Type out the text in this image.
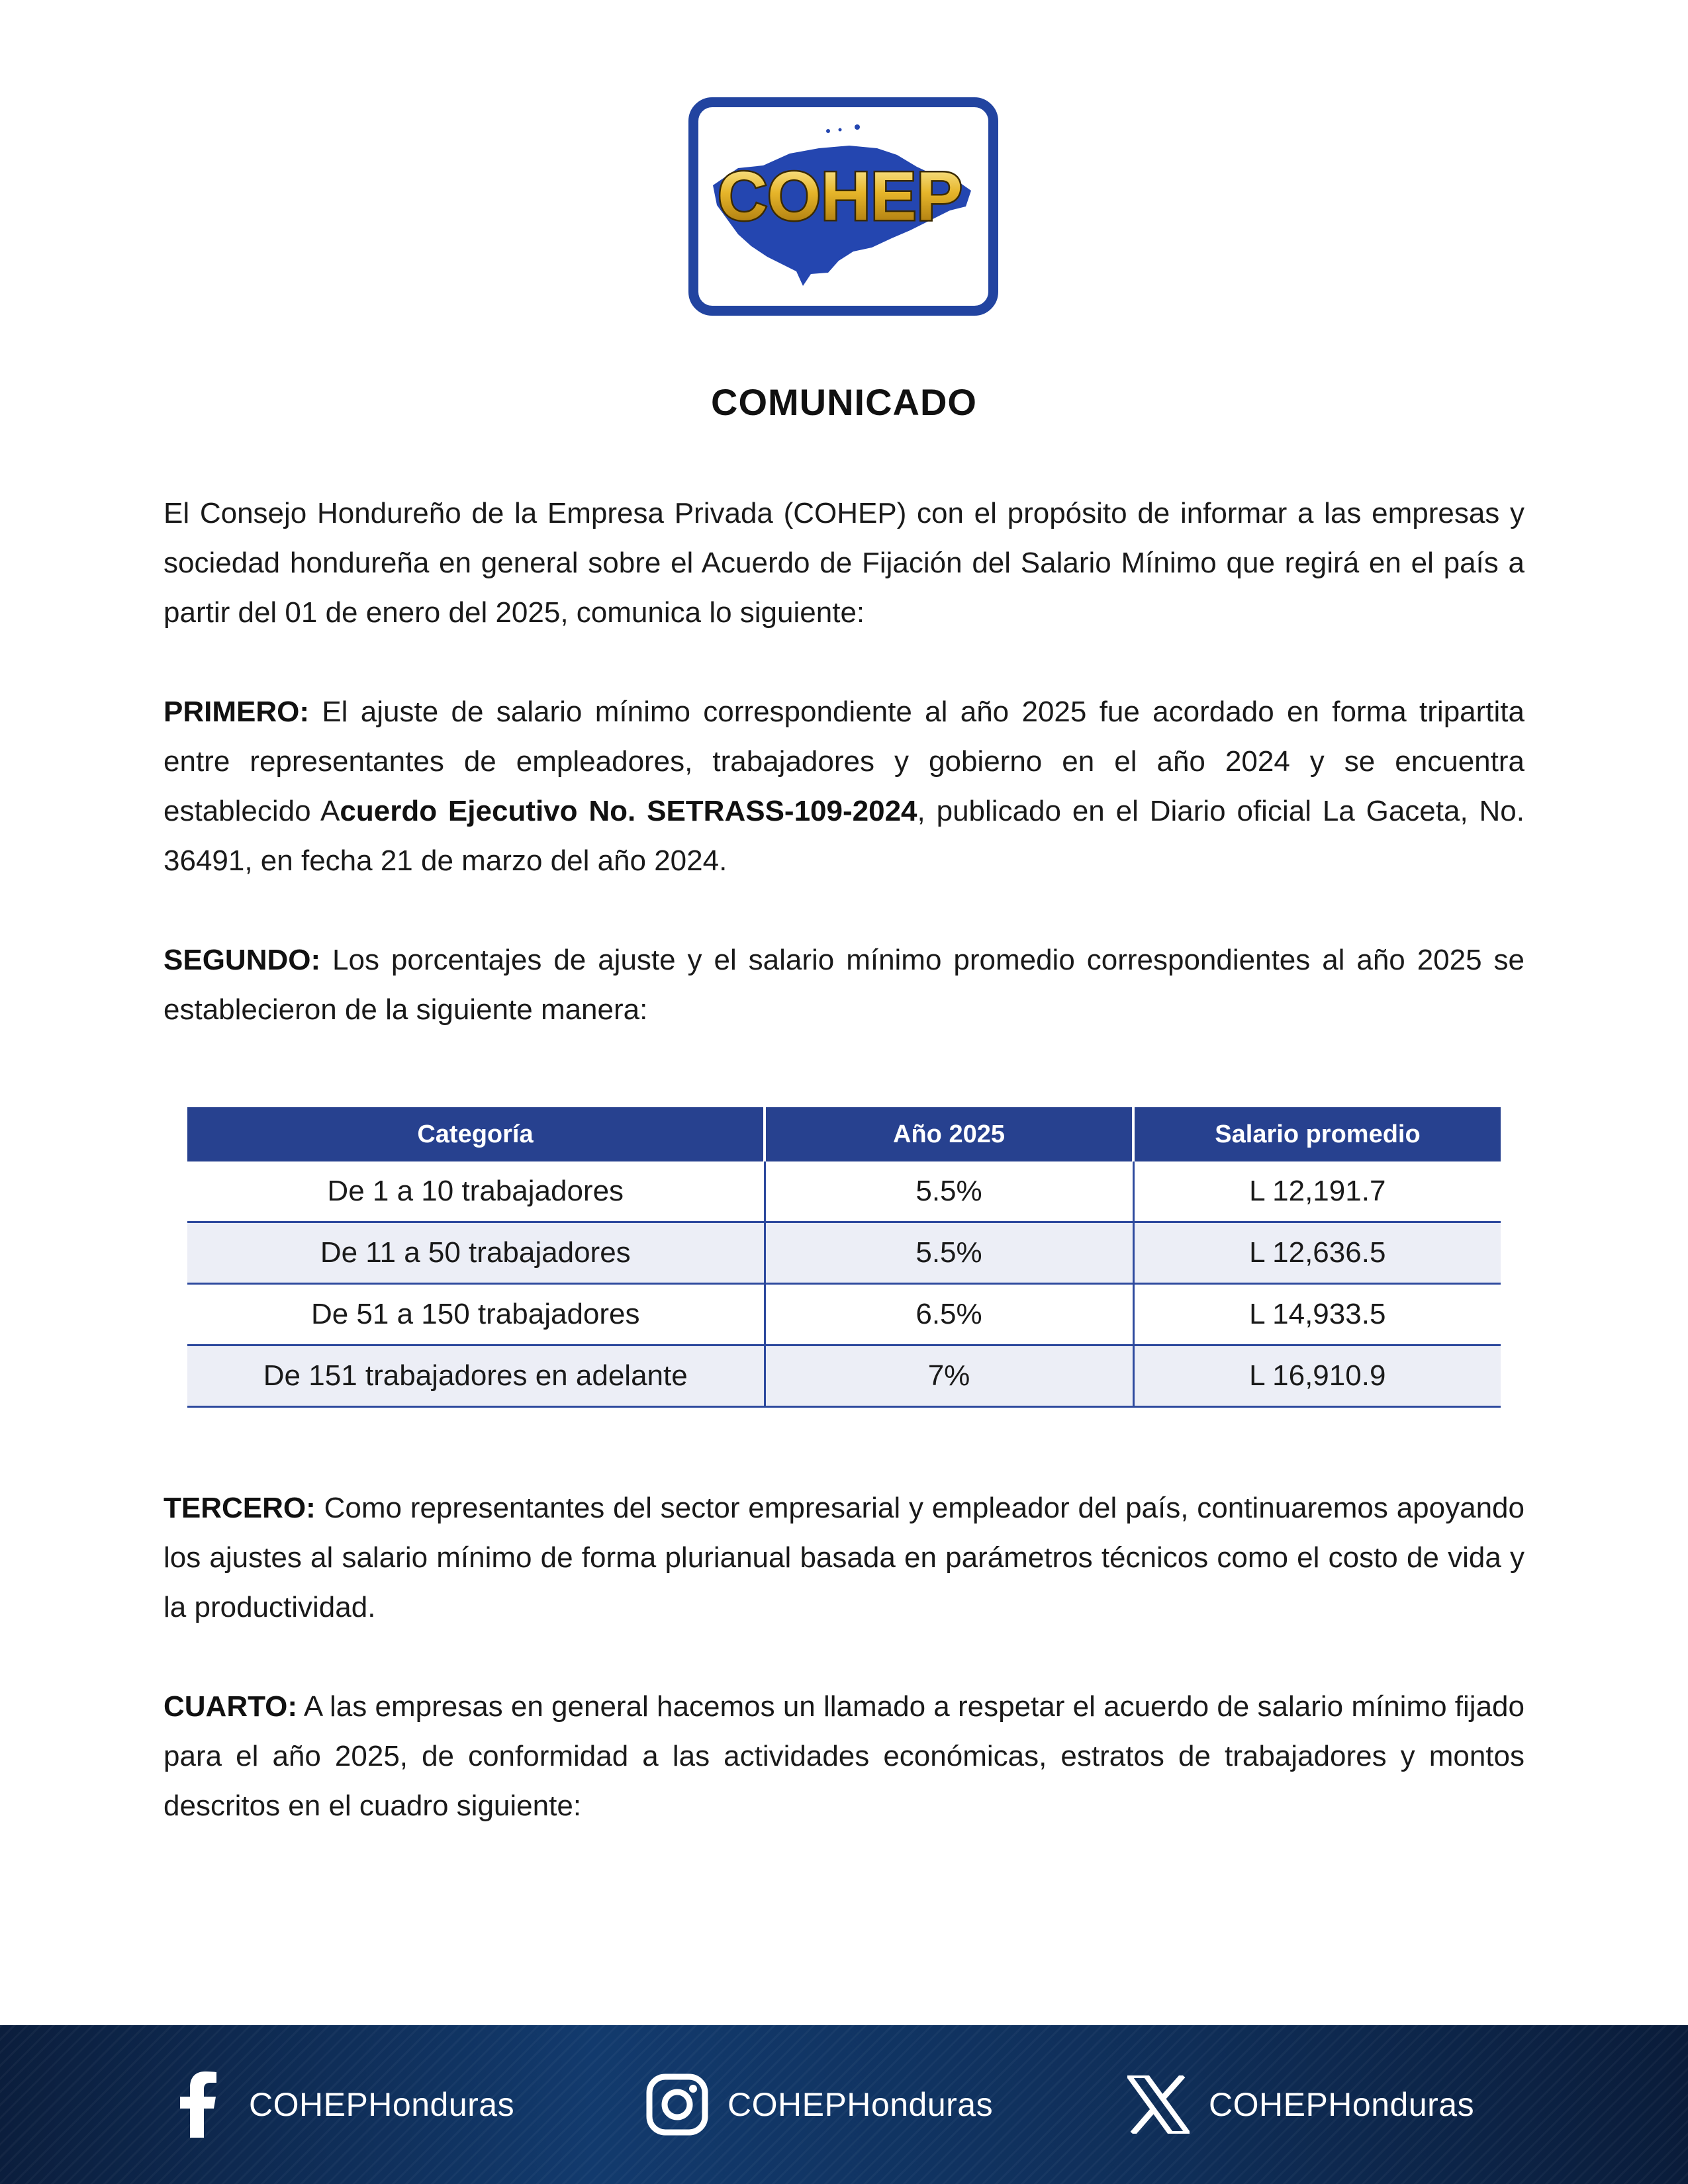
COHEP
COMUNICADO
El Consejo Hondureño de la Empresa Privada (COHEP) con el propósito de informar a las empresas y sociedad hondureña en general sobre el Acuerdo de Fijación del Salario Mínimo que regirá en el país a partir del 01 de enero del 2025, comunica lo siguiente:
PRIMERO: El ajuste de salario mínimo correspondiente al año 2025 fue acordado en forma tripartita entre representantes de empleadores, trabajadores y gobierno en el año 2024 y se encuentra establecido Acuerdo Ejecutivo No. SETRASS-109-2024, publicado en el Diario oficial La Gaceta, No. 36491, en fecha 21 de marzo del año 2024.
SEGUNDO: Los porcentajes de ajuste y el salario mínimo promedio correspondientes al año 2025 se establecieron de la siguiente manera:
Categoría	Año 2025	Salario promedio
De 1 a 10 trabajadores	5.5%	L 12,191.7
De 11 a 50 trabajadores	5.5%	L 12,636.5
De 51 a 150 trabajadores	6.5%	L 14,933.5
De 151 trabajadores en adelante	7%	L 16,910.9
TERCERO: Como representantes del sector empresarial y empleador del país, continuaremos apoyando los ajustes al salario mínimo de forma plurianual basada en parámetros técnicos como el costo de vida y la productividad.
CUARTO: A las empresas en general hacemos un llamado a respetar el acuerdo de salario mínimo fijado para el año 2025, de conformidad a las actividades económicas, estratos de trabajadores y montos descritos en el cuadro siguiente:
COHEPHonduras	COHEPHonduras	COHEPHonduras
